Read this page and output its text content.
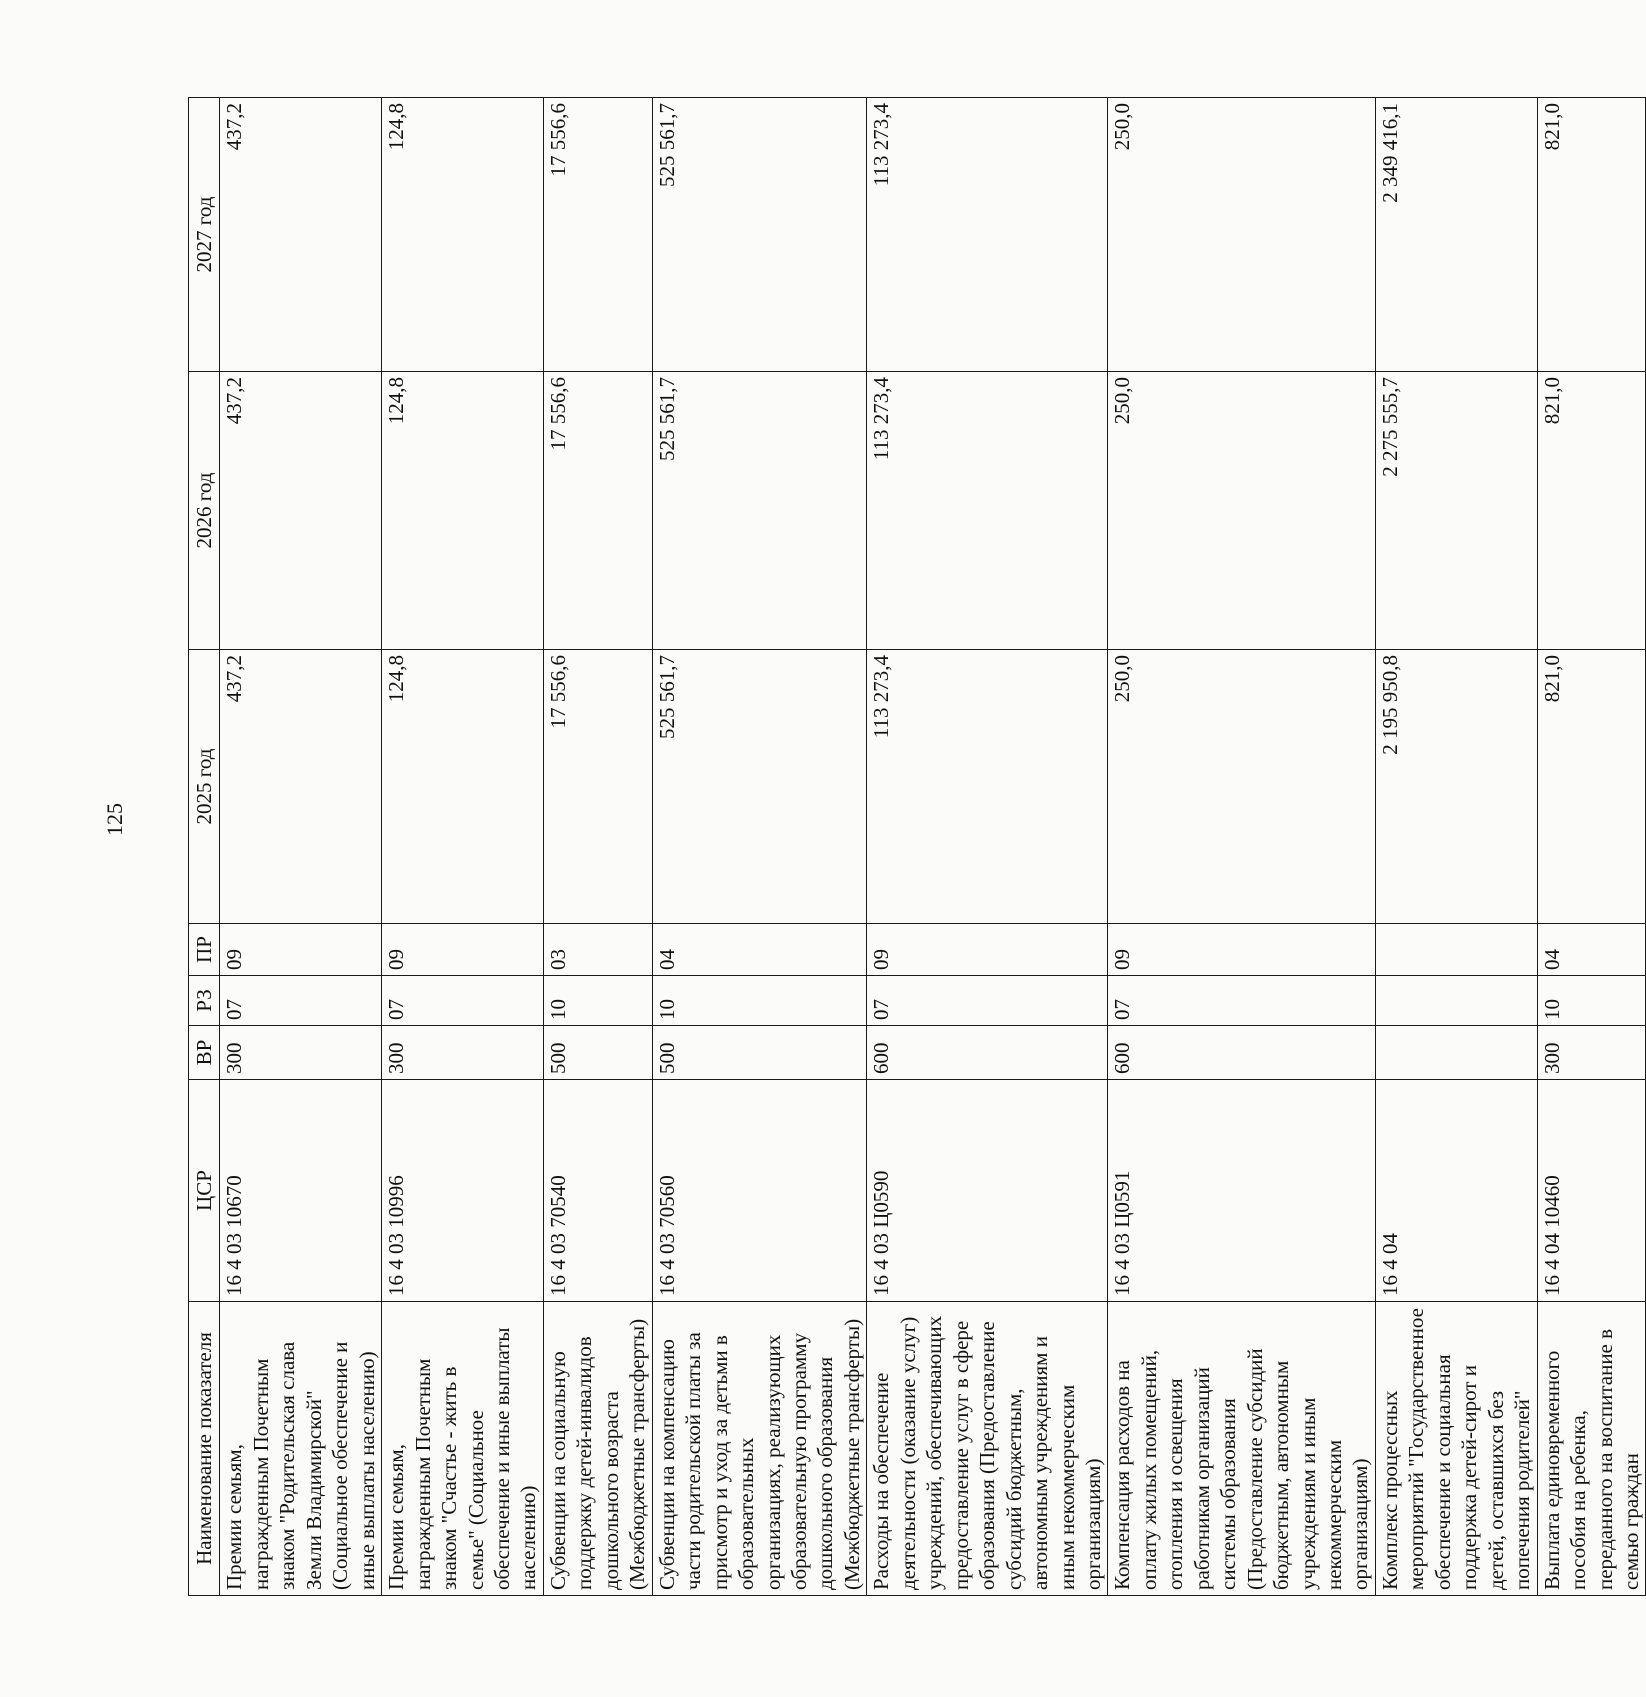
125
Наименование показателя	ЦСР	ВР	РЗ	ПР	2025 год	2026 год	2027 год
Премии семьям, награжденным Почетным знаком "Родительская слава Земли Владимирской" (Социальное обеспечение и иные выплаты населению)	16 4 03 10670	300	07	09	437,2	437,2	437,2
Премии семьям, награжденным Почетным знаком "Счастье - жить в семье" (Социальное обеспечение и иные выплаты населению)	16 4 03 10996	300	07	09	124,8	124,8	124,8
Субвенции на социальную поддержку детей-инвалидов дошкольного возраста (Межбюджетные трансферты)	16 4 03 70540	500	10	03	17 556,6	17 556,6	17 556,6
Субвенции на компенсацию части родительской платы за присмотр и уход за детьми в образовательных организациях, реализующих образовательную программу дошкольного образования (Межбюджетные трансферты)	16 4 03 70560	500	10	04	525 561,7	525 561,7	525 561,7
Расходы на обеспечение деятельности (оказание услуг) учреждений, обеспечивающих предоставление услуг в сфере образования (Предоставление субсидий бюджетным, автономным учреждениям и иным некоммерческим организациям)	16 4 03 Ц0590	600	07	09	113 273,4	113 273,4	113 273,4
Компенсация расходов на оплату жилых помещений, отопления и освещения работникам организаций системы образования (Предоставление субсидий бюджетным, автономным учреждениям и иным некоммерческим организациям)	16 4 03 Ц0591	600	07	09	250,0	250,0	250,0
Комплекс процессных мероприятий "Государственное обеспечение и социальная поддержка детей-сирот и детей, оставшихся без попечения родителей"	16 4 04				2 195 950,8	2 275 555,7	2 349 416,1
Выплата единовременного пособия на ребенка, переданного на воспитание в семью граждан	16 4 04 10460	300	10	04	821,0	821,0	821,0
